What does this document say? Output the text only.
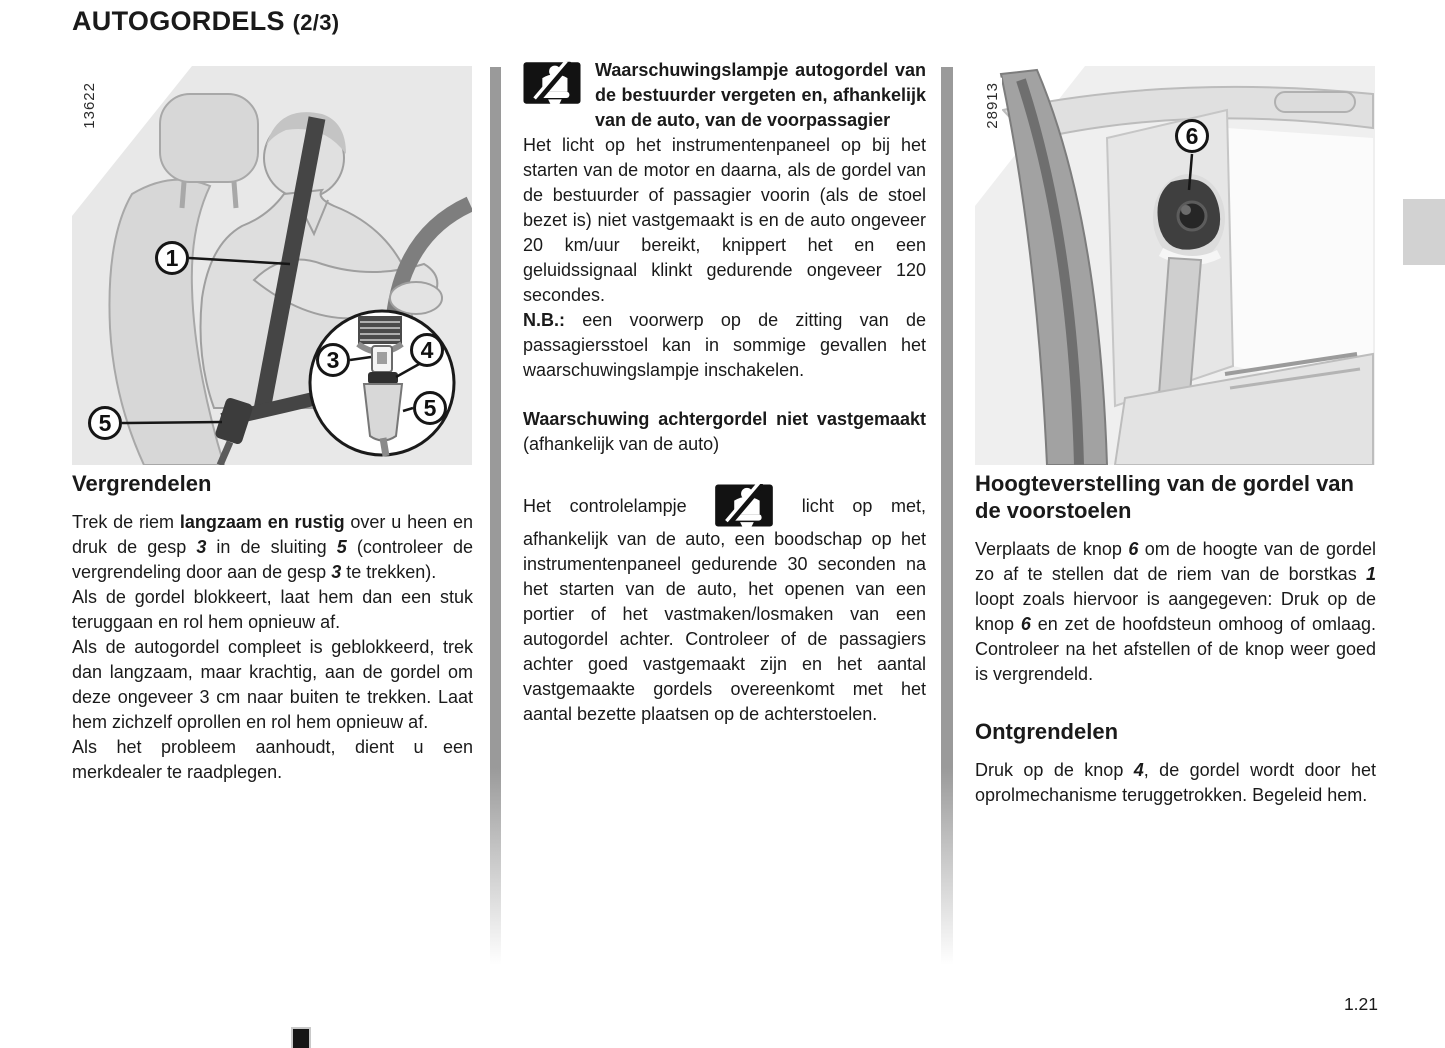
AUTOGORDELS (2/3)
13622
1
5
3	4
5
Vergrendelen

Trek de riem langzaam en rustig over u heen en druk de gesp 3 in de sluiting 5 (controleer de vergrendeling door aan de gesp 3 te trekken).

Als de gordel blokkeert, laat hem dan een stuk teruggaan en rol hem opnieuw af.

Als de autogordel compleet is geblokkeerd, trek dan langzaam, maar krachtig, aan de gordel om deze ongeveer 3 cm naar buiten te trekken. Laat hem zichzelf oprollen en rol hem opnieuw af.

Als het probleem aanhoudt, dient u een merkdealer te raadplegen.

Waarschuwingslampje autogordel van de bestuurder vergeten en, afhankelijk van de auto, van de voorpassagier

Het licht op het instrumentenpaneel op bij het starten van de motor en daarna, als de gordel van de bestuurder of passagier voorin (als de stoel bezet is) niet vastgemaakt is en de auto ongeveer 20 km/uur bereikt, knippert het en een geluidssignaal klinkt gedurende ongeveer 120 secondes.

N.B.: een voorwerp op de zitting van de passagiersstoel kan in sommige gevallen het waarschuwingslampje inschakelen.

Waarschuwing achtergordel niet vastgemaakt (afhankelijk van de auto)

Het controlelampje	licht op met, afhankelijk van de auto, een boodschap op het instrumentenpaneel gedurende 30 seconden na het starten van de auto, het openen van een portier of het vastmaken/losmaken van een autogordel achter. Controleer of de passagiers achter goed vastgemaakt zijn en het aantal vastgemaakte gordels overeenkomt met het aantal bezette plaatsen op de achterstoelen.

28913
6
Hoogteverstelling van de gordel van de voorstoelen

Verplaats de knop 6 om de hoogte van de gordel zo af te stellen dat de riem van de borstkas 1 loopt zoals hiervoor is aangegeven: Druk op de knop 6 en zet de hoofdsteun omhoog of omlaag. Controleer na het afstellen of de knop weer goed is vergrendeld.

Ontgrendelen

Druk op de knop 4, de gordel wordt door het oprolmechanisme teruggetrokken. Begeleid hem.

1.21
